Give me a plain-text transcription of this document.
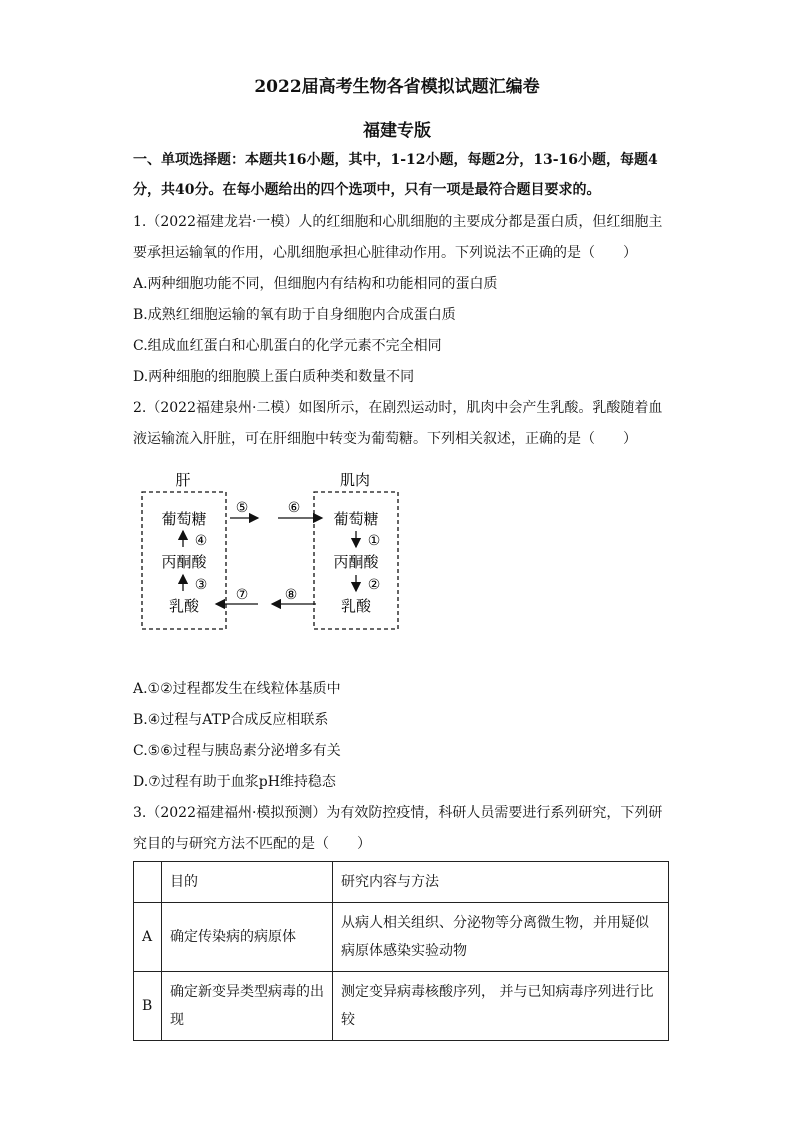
2022届高考生物各省模拟试题汇编卷
福建专版
一、单项选择题：本题共16小题，其中，1-12小题，每题2分，13-16小题，每题4
分，共40分。在每小题给出的四个选项中，只有一项是最符合题目要求的。
1.（2022福建龙岩·一模）人的红细胞和心肌细胞的主要成分都是蛋白质，但红细胞主
要承担运输氧的作用，心肌细胞承担心脏律动作用。下列说法不正确的是（　　）
A.两种细胞功能不同，但细胞内有结构和功能相同的蛋白质
B.成熟红细胞运输的氧有助于自身细胞内合成蛋白质
C.组成血红蛋白和心肌蛋白的化学元素不完全相同
D.两种细胞的细胞膜上蛋白质种类和数量不同
2.（2022福建泉州·二模）如图所示，在剧烈运动时，肌肉中会产生乳酸。乳酸随着血
液运输流入肝脏，可在肝细胞中转变为葡萄糖。下列相关叙述，正确的是（　　）
肝	肌肉
葡萄糖
丙酮酸
乳酸
葡萄糖
丙酮酸
乳酸
④
③
①
②
⑤	⑥
⑧
⑦
A.①②过程都发生在线粒体基质中
B.④过程与ATP合成反应相联系
C.⑤⑥过程与胰岛素分泌增多有关
D.⑦过程有助于血浆pH维持稳态
3.（2022福建福州·模拟预测）为有效防控疫情，科研人员需要进行系列研究，下列研
究目的与研究方法不匹配的是（　　）
	目的	研究内容与方法
A	确定传染病的病原体	从病人相关组织、分泌物等分离微生物，并用疑似病原体感染实验动物
B	确定新变异类型病毒的出现	测定变异病毒核酸序列， 并与已知病毒序列进行比较
